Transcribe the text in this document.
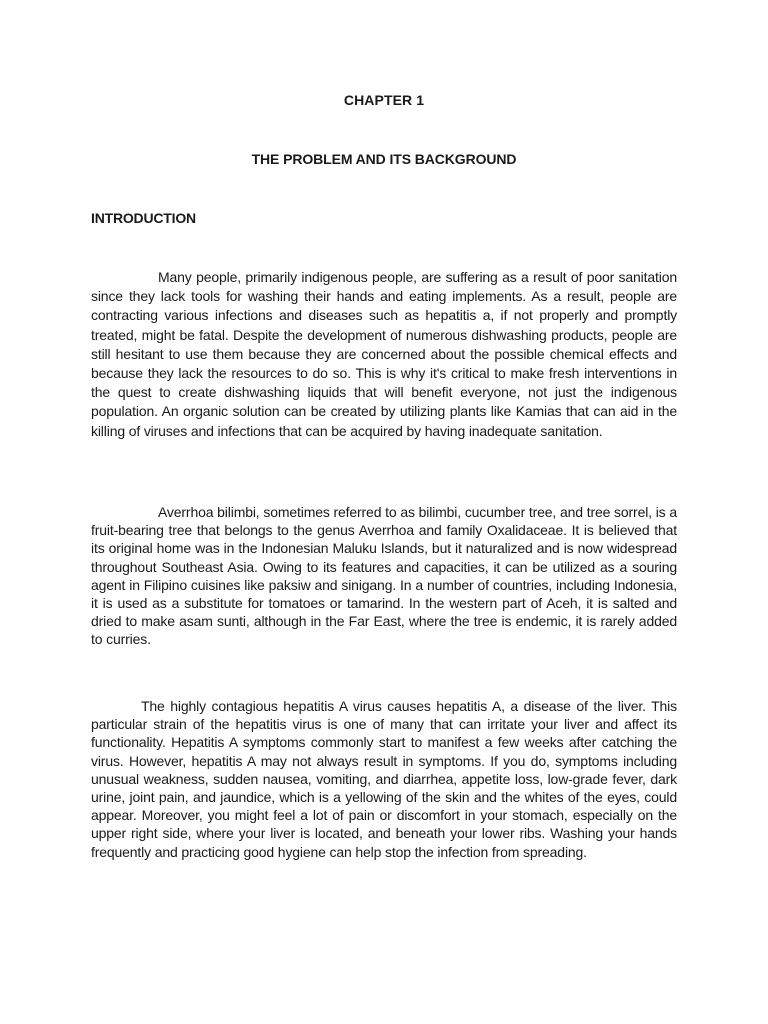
CHAPTER 1
THE PROBLEM AND ITS BACKGROUND
INTRODUCTION

Many people, primarily indigenous people, are suffering as a result of poor sanitation since they lack tools for washing their hands and eating implements. As a result, people are contracting various infections and diseases such as hepatitis a, if not properly and promptly treated, might be fatal. Despite the development of numerous dishwashing products, people are still hesitant to use them because they are concerned about the possible chemical effects and because they lack the resources to do so. This is why it's critical to make fresh interventions in the quest to create dishwashing liquids that will benefit everyone, not just the indigenous population. An organic solution can be created by utilizing plants like Kamias that can aid in the killing of viruses and infections that can be acquired by having inadequate sanitation.

Averrhoa bilimbi, sometimes referred to as bilimbi, cucumber tree, and tree sorrel, is a fruit-bearing tree that belongs to the genus Averrhoa and family Oxalidaceae. It is believed that its original home was in the Indonesian Maluku Islands, but it naturalized and is now widespread throughout Southeast Asia. Owing to its features and capacities, it can be utilized as a souring agent in Filipino cuisines like paksiw and sinigang. In a number of countries, including Indonesia, it is used as a substitute for tomatoes or tamarind. In the western part of Aceh, it is salted and dried to make asam sunti, although in the Far East, where the tree is endemic, it is rarely added to curries.

The highly contagious hepatitis A virus causes hepatitis A, a disease of the liver. This particular strain of the hepatitis virus is one of many that can irritate your liver and affect its functionality. Hepatitis A symptoms commonly start to manifest a few weeks after catching the virus. However, hepatitis A may not always result in symptoms. If you do, symptoms including unusual weakness, sudden nausea, vomiting, and diarrhea, appetite loss, low-grade fever, dark urine, joint pain, and jaundice, which is a yellowing of the skin and the whites of the eyes, could appear. Moreover, you might feel a lot of pain or discomfort in your stomach, especially on the upper right side, where your liver is located, and beneath your lower ribs. Washing your hands frequently and practicing good hygiene can help stop the infection from spreading.
